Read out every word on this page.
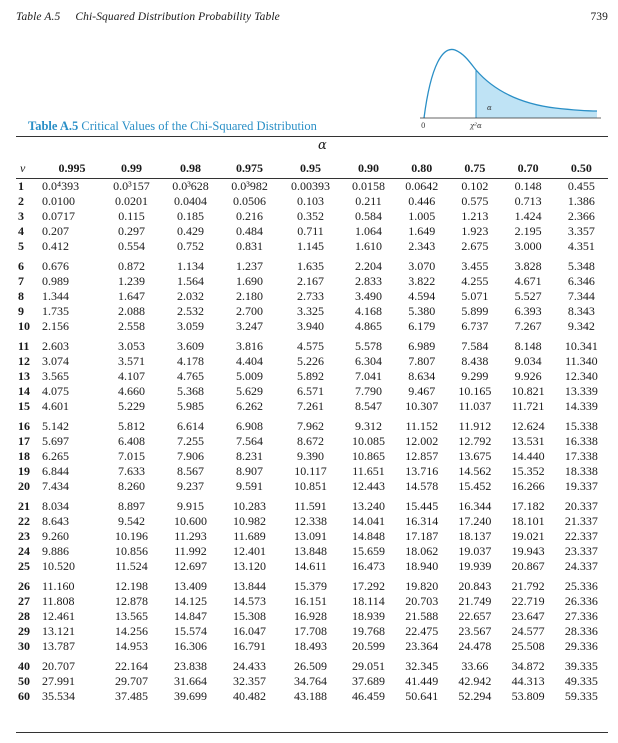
Table A.5 Chi-Squared Distribution Probability Table	739
α
0	χ²α
Table A.5 Critical Values of the Chi-Squared Distribution
α
v	0.995	0.99	0.98	0.975	0.95	0.90	0.80	0.75	0.70	0.50
1	0.0⁴393	0.0³157	0.0³628	0.0³982	0.00393	0.0158	0.0642	0.102	0.148	0.455
2	0.0100	0.0201	0.0404	0.0506	0.103	0.211	0.446	0.575	0.713	1.386
3	0.0717	0.115	0.185	0.216	0.352	0.584	1.005	1.213	1.424	2.366
4	0.207	0.297	0.429	0.484	0.711	1.064	1.649	1.923	2.195	3.357
5	0.412	0.554	0.752	0.831	1.145	1.610	2.343	2.675	3.000	4.351
6	0.676	0.872	1.134	1.237	1.635	2.204	3.070	3.455	3.828	5.348
7	0.989	1.239	1.564	1.690	2.167	2.833	3.822	4.255	4.671	6.346
8	1.344	1.647	2.032	2.180	2.733	3.490	4.594	5.071	5.527	7.344
9	1.735	2.088	2.532	2.700	3.325	4.168	5.380	5.899	6.393	8.343
10	2.156	2.558	3.059	3.247	3.940	4.865	6.179	6.737	7.267	9.342
11	2.603	3.053	3.609	3.816	4.575	5.578	6.989	7.584	8.148	10.341
12	3.074	3.571	4.178	4.404	5.226	6.304	7.807	8.438	9.034	11.340
13	3.565	4.107	4.765	5.009	5.892	7.041	8.634	9.299	9.926	12.340
14	4.075	4.660	5.368	5.629	6.571	7.790	9.467	10.165	10.821	13.339
15	4.601	5.229	5.985	6.262	7.261	8.547	10.307	11.037	11.721	14.339
16	5.142	5.812	6.614	6.908	7.962	9.312	11.152	11.912	12.624	15.338
17	5.697	6.408	7.255	7.564	8.672	10.085	12.002	12.792	13.531	16.338
18	6.265	7.015	7.906	8.231	9.390	10.865	12.857	13.675	14.440	17.338
19	6.844	7.633	8.567	8.907	10.117	11.651	13.716	14.562	15.352	18.338
20	7.434	8.260	9.237	9.591	10.851	12.443	14.578	15.452	16.266	19.337
21	8.034	8.897	9.915	10.283	11.591	13.240	15.445	16.344	17.182	20.337
22	8.643	9.542	10.600	10.982	12.338	14.041	16.314	17.240	18.101	21.337
23	9.260	10.196	11.293	11.689	13.091	14.848	17.187	18.137	19.021	22.337
24	9.886	10.856	11.992	12.401	13.848	15.659	18.062	19.037	19.943	23.337
25	10.520	11.524	12.697	13.120	14.611	16.473	18.940	19.939	20.867	24.337
26	11.160	12.198	13.409	13.844	15.379	17.292	19.820	20.843	21.792	25.336
27	11.808	12.878	14.125	14.573	16.151	18.114	20.703	21.749	22.719	26.336
28	12.461	13.565	14.847	15.308	16.928	18.939	21.588	22.657	23.647	27.336
29	13.121	14.256	15.574	16.047	17.708	19.768	22.475	23.567	24.577	28.336
30	13.787	14.953	16.306	16.791	18.493	20.599	23.364	24.478	25.508	29.336
40	20.707	22.164	23.838	24.433	26.509	29.051	32.345	33.66	34.872	39.335
50	27.991	29.707	31.664	32.357	34.764	37.689	41.449	42.942	44.313	49.335
60	35.534	37.485	39.699	40.482	43.188	46.459	50.641	52.294	53.809	59.335
